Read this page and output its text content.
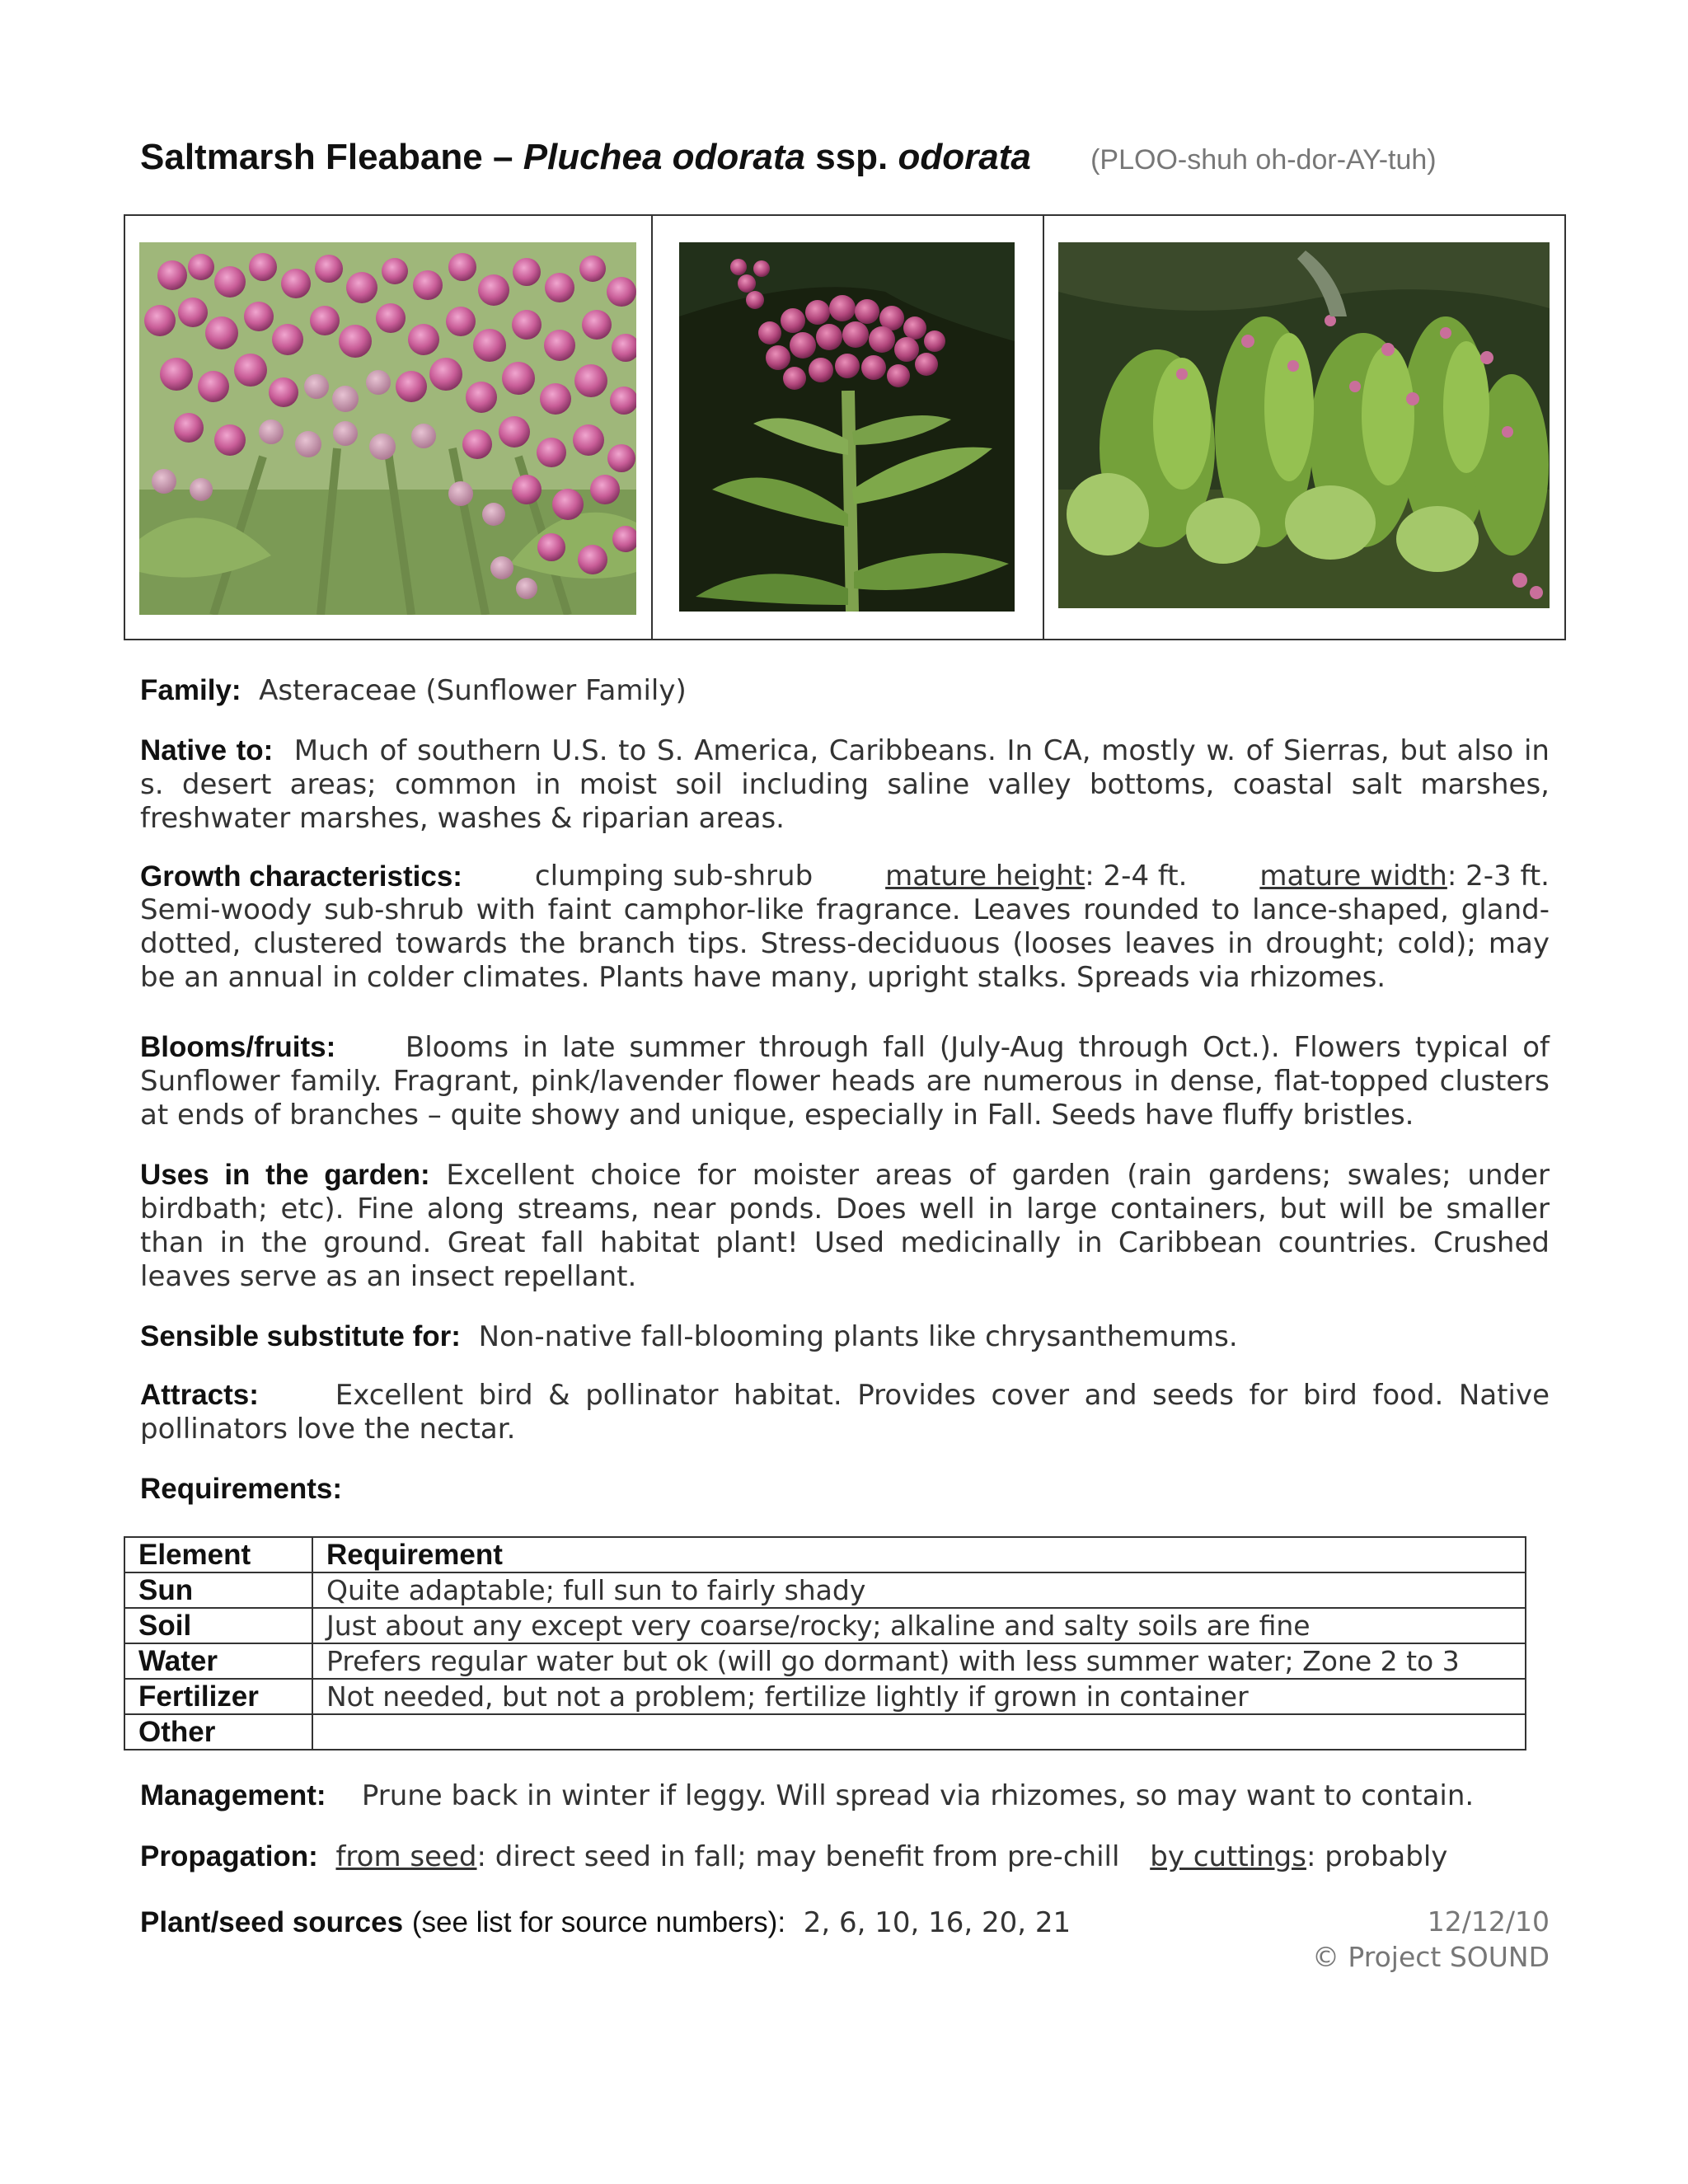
Saltmarsh Fleabane – Pluchea odorata ssp. odorata (PLOO-shuh oh-dor-AY-tuh)
Family: Asteraceae (Sunflower Family)
Native to: Much of southern U.S. to S. America, Caribbeans. In CA, mostly w. of Sierras, but also in s. desert areas; common in moist soil including saline valley bottoms, coastal salt marshes, freshwater marshes, washes & riparian areas.
Growth characteristics:	clumping sub-shrub	mature height: 2-4 ft.	mature width: 2-3 ft.
Semi-woody sub-shrub with faint camphor-like fragrance. Leaves rounded to lance-shaped, gland-dotted, clustered towards the branch tips. Stress-deciduous (looses leaves in drought; cold); may be an annual in colder climates. Plants have many, upright stalks. Spreads via rhizomes.
Blooms/fruits: Blooms in late summer through fall (July-Aug through Oct.). Flowers typical of Sunflower family. Fragrant, pink/lavender flower heads are numerous in dense, flat-topped clusters at ends of branches – quite showy and unique, especially in Fall. Seeds have fluffy bristles.
Uses in the garden: Excellent choice for moister areas of garden (rain gardens; swales; under birdbath; etc). Fine along streams, near ponds. Does well in large containers, but will be smaller than in the ground. Great fall habitat plant! Used medicinally in Caribbean countries. Crushed leaves serve as an insect repellant.
Sensible substitute for: Non-native fall-blooming plants like chrysanthemums.
Attracts:	Excellent bird & pollinator habitat. Provides cover and seeds for bird food. Native pollinators love the nectar.
Requirements:
Element	Requirement
Sun	Quite adaptable; full sun to fairly shady
Soil	Just about any except very coarse/rocky; alkaline and salty soils are fine
Water	Prefers regular water but ok (will go dormant) with less summer water; Zone 2 to 3
Fertilizer	Not needed, but not a problem; fertilize lightly if grown in container
Other	
Management: Prune back in winter if leggy. Will spread via rhizomes, so may want to contain.
Propagation: from seed: direct seed in fall; may benefit from pre-chill by cuttings: probably
Plant/seed sources (see list for source numbers): 2, 6, 10, 16, 20, 21	12/12/10
© Project SOUND
